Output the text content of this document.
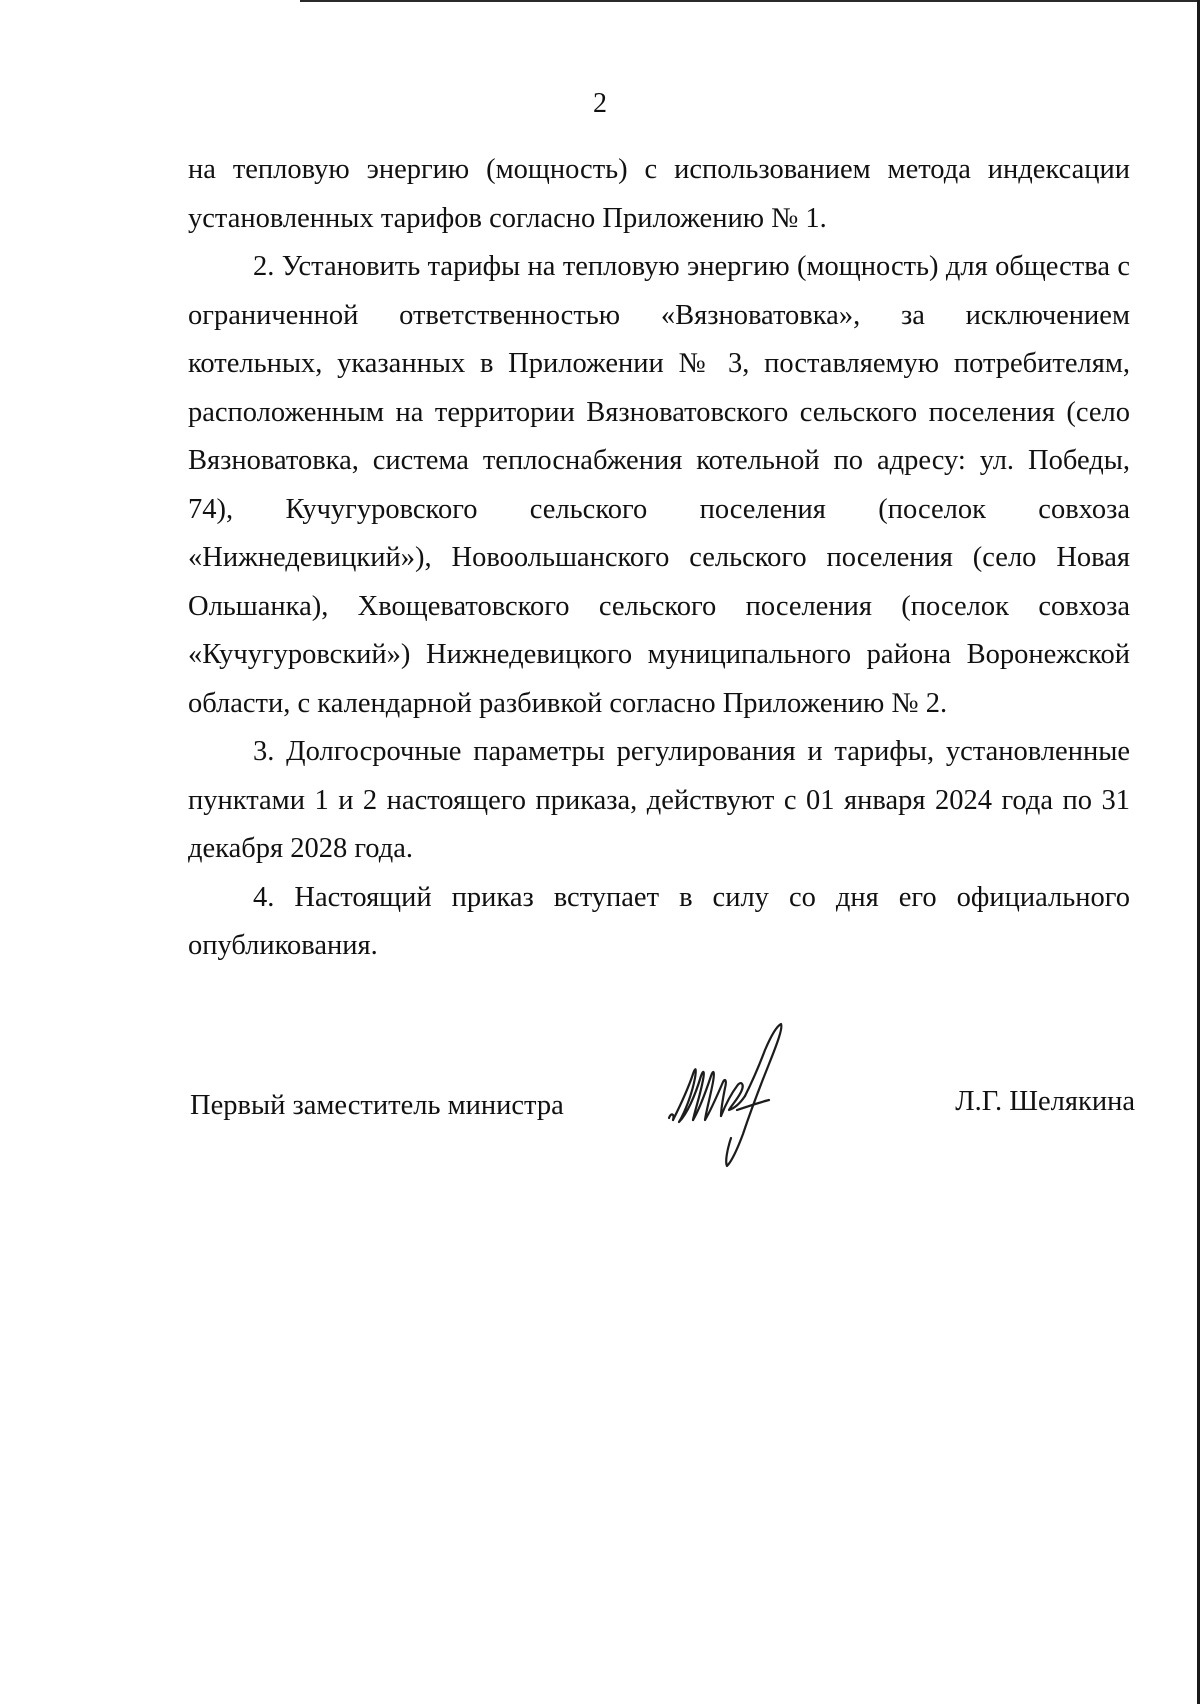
2

на тепловую энергию (мощность) с использованием метода индексации установленных тарифов согласно Приложению № 1.

2. Установить тарифы на тепловую энергию (мощность) для общества с ограниченной ответственностью «Вязноватовка», за исключением котельных, указанных в Приложении № 3, поставляемую потребителям, расположенным на территории Вязноватовского сельского поселения (село Вязноватовка, система теплоснабжения котельной по адресу: ул. Победы, 74), Кучугуровского сельского поселения (поселок совхоза «Нижнедевицкий»), Новоольшанского сельского поселения (село Новая Ольшанка), Хвощеватовского сельского поселения (поселок совхоза «Кучугуровский») Нижнедевицкого муниципального района Воронежской области, с календарной разбивкой согласно Приложению № 2.

3. Долгосрочные параметры регулирования и тарифы, установленные пунктами 1 и 2 настоящего приказа, действуют с 01 января 2024 года по 31 декабря 2028 года.

4. Настоящий приказ вступает в силу со дня его официального опубликования.

Первый заместитель министра	Л.Г. Шелякина
